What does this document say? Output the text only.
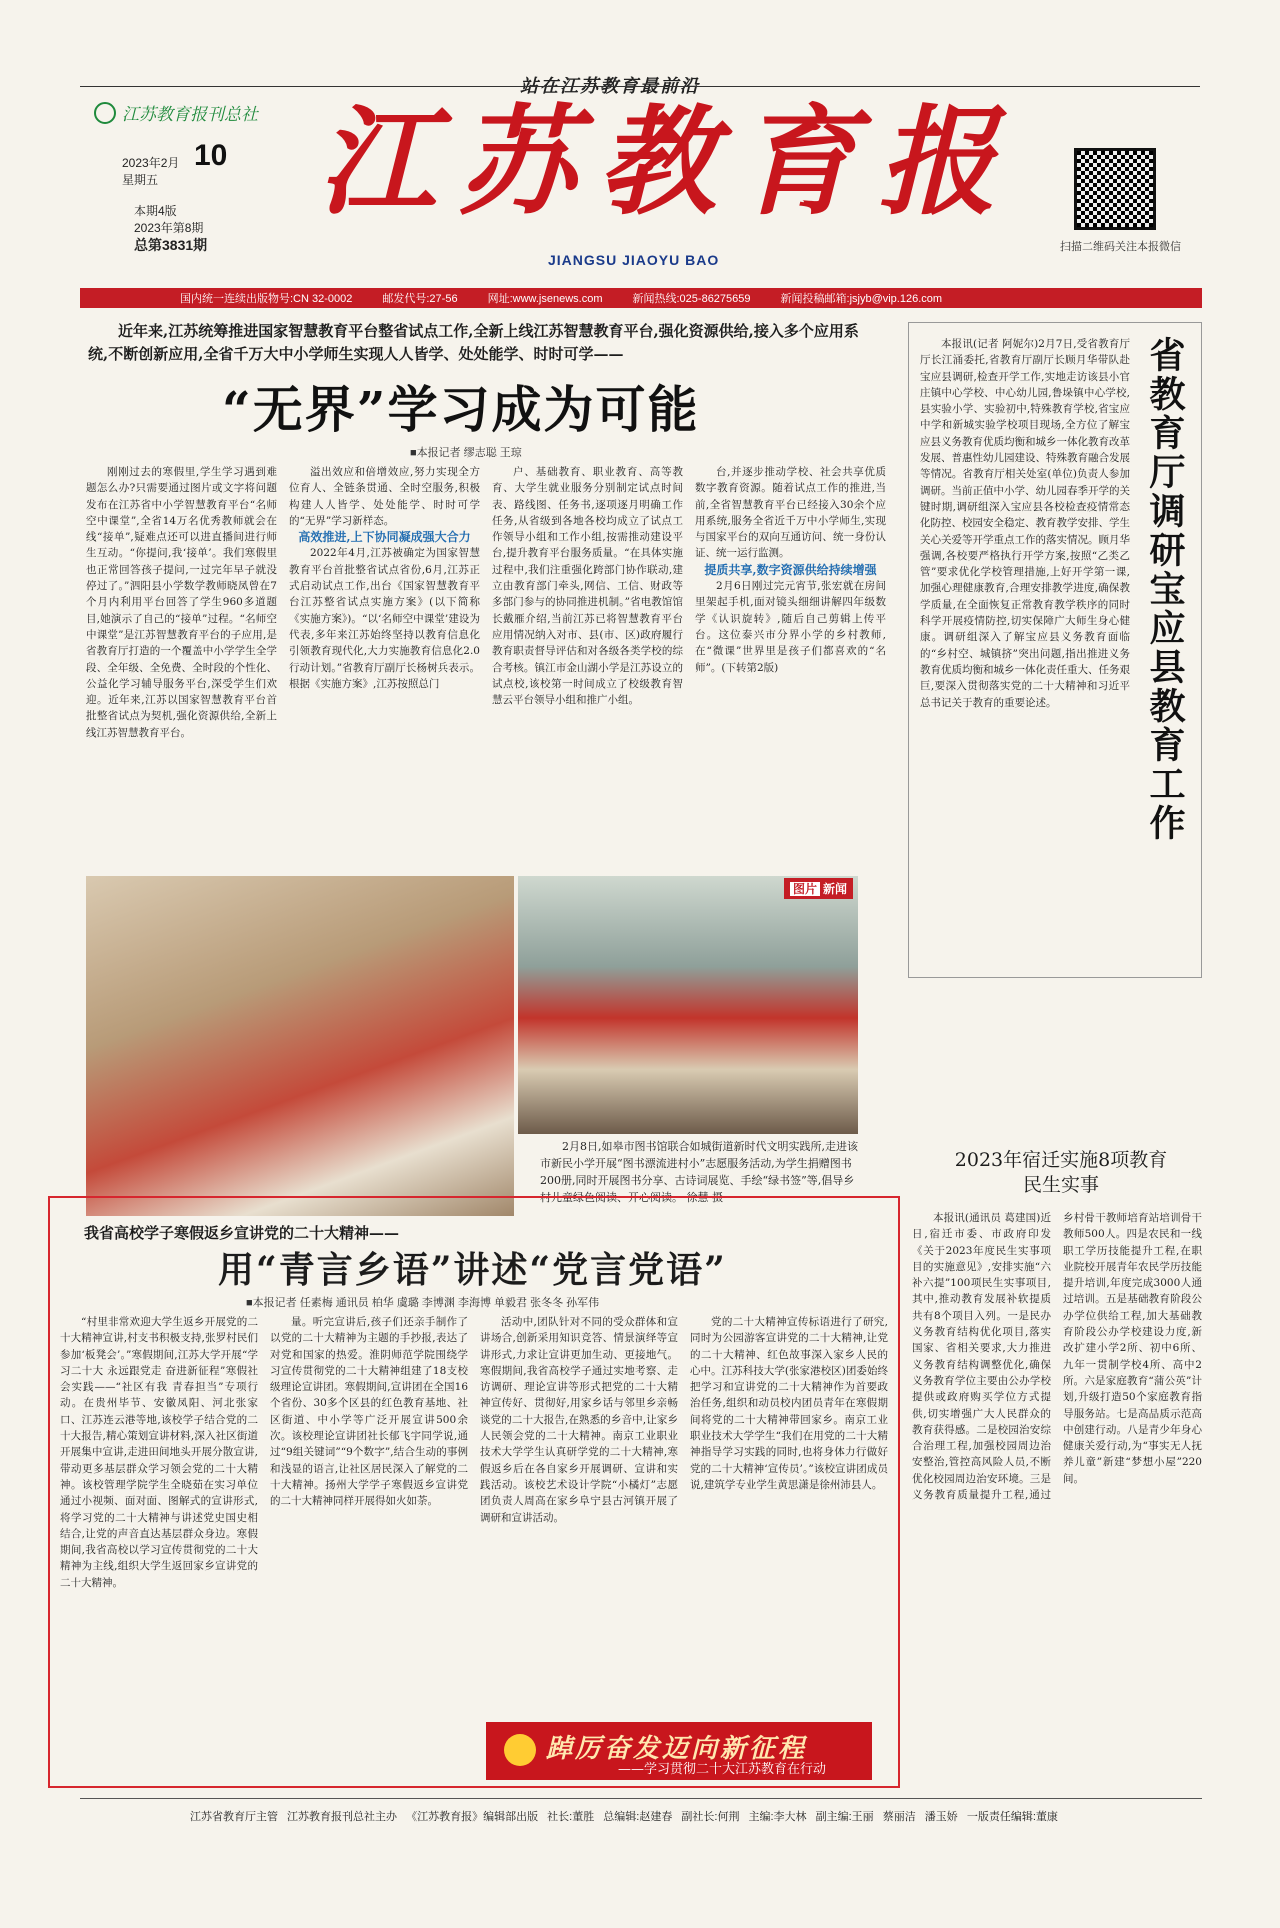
站在江苏教育最前沿
江苏教育报刊总社
2023年2月
星期五
10
本期4版
2023年第8期
总第3831期
江苏教育报
JIANGSU JIAOYU BAO
扫描二维码关注本报微信
国内统一连续出版物号:CN 32-0002	邮发代号:27-56	网址:www.jsenews.com	新闻热线:025-86275659	新闻投稿邮箱:jsjyb@vip.126.com
近年来,江苏统筹推进国家智慧教育平台整省试点工作,全新上线江苏智慧教育平台,强化资源供给,接入多个应用系统,不断创新应用,全省千万大中小学师生实现人人皆学、处处能学、时时可学——
“无界”学习成为可能
■本报记者 缪志聪 王琼

刚刚过去的寒假里,学生学习遇到难题怎么办?只需要通过图片或文字将问题发布在江苏省中小学智慧教育平台“名师空中课堂”,全省14万名优秀教师就会在线“接单”,疑难点还可以进直播间进行师生互动。“你提问,我‘接单’。我们寒假里也正常回答孩子提问,一过完年早子就没停过了。”泗阳县小学数学教师晓凤曾在7个月内利用平台回答了学生960多道题目,她演示了自己的“接单”过程。“名师空中课堂”是江苏智慧教育平台的子应用,是省教育厅打造的一个覆盖中小学学生全学段、全年级、全免费、全时段的个性化、公益化学习辅导服务平台,深受学生们欢迎。近年来,江苏以国家智慧教育平台首批整省试点为契机,强化资源供给,全新上线江苏智慧教育平台。

溢出效应和倍增效应,努力实现全方位育人、全链条贯通、全时空服务,积极构建人人皆学、处处能学、时时可学的“无界”学习新样态。

高效推进,上下协同凝成强大合力

2022年4月,江苏被确定为国家智慧教育平台首批整省试点省份,6月,江苏正式启动试点工作,出台《国家智慧教育平台江苏整省试点实施方案》(以下简称《实施方案》)。“以‘名师空中课堂’建设为代表,多年来江苏始终坚持以教育信息化引领教育现代化,大力实施教育信息化2.0行动计划。”省教育厅副厅长杨树兵表示。根据《实施方案》,江苏按照总门

户、基础教育、职业教育、高等教育、大学生就业服务分别制定试点时间表、路线图、任务书,逐项逐月明确工作任务,从省级到各地各校均成立了试点工作领导小组和工作小组,按需推动建设平台,提升教育平台服务质量。“在具体实施过程中,我们注重强化跨部门协作联动,建立由教育部门牵头,网信、工信、财政等多部门参与的协同推进机制。”省电教馆馆长戴雁介绍,当前江苏已将智慧教育平台应用情况纳入对市、县(市、区)政府履行教育职责督导评估和对各级各类学校的综合考核。镇江市金山湖小学是江苏设立的试点校,该校第一时间成立了校级教育智慧云平台领导小组和推广小组。

台,并逐步推动学校、社会共享优质数字教育资源。随着试点工作的推进,当前,全省智慧教育平台已经接入30余个应用系统,服务全省近千万中小学师生,实现与国家平台的双向互通访问、统一身份认证、统一运行监测。

提质共享,数字资源供给持续增强

2月6日刚过完元宵节,张宏就在房间里架起手机,面对镜头细细讲解四年级数学《认识旋转》,随后自己剪辑上传平台。这位泰兴市分界小学的乡村教师,在“微课”世界里是孩子们都喜欢的“名师”。(下转第2版)	省教育厅调研宝应县教育工作

本报讯(记者 阿妮尔)2月7日,受省教育厅厅长江涌委托,省教育厅副厅长顾月华带队赴宝应县调研,检查开学工作,实地走访该县小官庄镇中心学校、中心幼儿园,鲁垛镇中心学校,县实验小学、实验初中,特殊教育学校,省宝应中学和新城实验学校项目现场,全方位了解宝应县义务教育优质均衡和城乡一体化教育改革发展、普惠性幼儿园建设、特殊教育融合发展等情况。省教育厅相关处室(单位)负责人参加调研。当前正值中小学、幼儿园春季开学的关键时期,调研组深入宝应县各校检查疫情常态化防控、校园安全稳定、教育教学安排、学生关心关爱等开学重点工作的落实情况。顾月华强调,各校要严格执行开学方案,按照“乙类乙管”要求优化学校管理措施,上好开学第一课,加强心理健康教育,合理安排教学进度,确保教学质量,在全面恢复正常教育教学秩序的同时科学开展疫情防控,切实保障广大师生身心健康。调研组深入了解宝应县义务教育面临的“乡村空、城镇挤”突出问题,指出推进义务教育优质均衡和城乡一体化责任重大、任务艰巨,要深入贯彻落实党的二十大精神和习近平总书记关于教育的重要论述。

图片 新闻
2月8日,如皋市图书馆联合如城街道新时代文明实践所,走进该市新民小学开展“图书漂流进村小”志愿服务活动,为学生捐赠图书200册,同时开展图书分享、古诗词展览、手绘“绿书签”等,倡导乡村儿童绿色阅读、开心阅读。 徐慧 摄
我省高校学子寒假返乡宣讲党的二十大精神——
用“青言乡语”讲述“党言党语”
■本报记者 任素梅 通讯员 柏华 虞璐 李博渊 李海博 单毅君 张冬冬 孙军伟

“村里非常欢迎大学生返乡开展党的二十大精神宣讲,村支书积极支持,张罗村民们参加‘板凳会’。”寒假期间,江苏大学开展“学习二十大 永远跟党走 奋进新征程”寒假社会实践——“社区有我 青春担当”专项行动。在贵州毕节、安徽凤阳、河北张家口、江苏连云港等地,该校学子结合党的二十大报告,精心策划宣讲材料,深入社区街道开展集中宣讲,走进田间地头开展分散宣讲,带动更多基层群众学习领会党的二十大精神。该校管理学院学生全晓茹在实习单位通过小视频、面对面、图解式的宣讲形式,将学习党的二十大精神与讲述党史国史相结合,让党的声音直达基层群众身边。寒假期间,我省高校以学习宣传贯彻党的二十大精神为主线,组织大学生返回家乡宣讲党的二十大精神。

量。听完宣讲后,孩子们还亲手制作了以党的二十大精神为主题的手抄报,表达了对党和国家的热爱。淮阴师范学院围绕学习宣传贯彻党的二十大精神组建了18支校级理论宣讲团。寒假期间,宣讲团在全国16个省份、30多个区县的红色教育基地、社区街道、中小学等广泛开展宣讲500余次。该校理论宣讲团社长郁飞宇同学说,通过“9组关键词”“9个数字”,结合生动的事例和浅显的语言,让社区居民深入了解党的二十大精神。扬州大学学子寒假返乡宣讲党的二十大精神同样开展得如火如荼。

活动中,团队针对不同的受众群体和宣讲场合,创新采用知识竞答、情景演绎等宣讲形式,力求让宣讲更加生动、更接地气。寒假期间,我省高校学子通过实地考察、走访调研、理论宣讲等形式把党的二十大精神宣传好、贯彻好,用家乡话与邻里乡亲畅谈党的二十大报告,在熟悉的乡音中,让家乡人民领会党的二十大精神。南京工业职业技术大学学生认真研学党的二十大精神,寒假返乡后在各自家乡开展调研、宣讲和实践活动。该校艺术设计学院“小橘灯”志愿团负责人周高在家乡阜宁县古河镇开展了调研和宣讲活动。

党的二十大精神宣传标语进行了研究,同时为公园游客宣讲党的二十大精神,让党的二十大精神、红色故事深入家乡人民的心中。江苏科技大学(张家港校区)团委始终把学习和宣讲党的二十大精神作为首要政治任务,组织和动员校内团员青年在寒假期间将党的二十大精神带回家乡。南京工业职业技术大学学生“我们在用党的二十大精神指导学习实践的同时,也将身体力行做好党的二十大精神‘宣传员’。”该校宣讲团成员说,建筑学专业学生黄思潇是徐州沛县人。

踔厉奋发迈向新征程
——学习贯彻二十大江苏教育在行动
2023年宿迁实施8项教育民生实事

本报讯(通讯员 葛建国)近日,宿迁市委、市政府印发《关于2023年度民生实事项目的实施意见》,安排实施“六补六提”100项民生实事项目,其中,推动教育发展补软提质共有8个项目入列。一是民办义务教育结构优化项目,落实国家、省相关要求,大力推进义务教育结构调整优化,确保义务教育学位主要由公办学校提供或政府购买学位方式提供,切实增强广大人民群众的教育获得感。二是校园治安综合治理工程,加强校园周边治安整治,管控高风险人员,不断优化校园周边治安环境。三是义务教育质量提升工程,通过乡村骨干教师培育站培训骨干教师500人。四是农民和一线职工学历技能提升工程,在职业院校开展青年农民学历技能提升培训,年度完成3000人通过培训。五是基础教育阶段公办学位供给工程,加大基础教育阶段公办学校建设力度,新改扩建小学2所、初中6所、九年一贯制学校4所、高中2所。六是家庭教育“蒲公英”计划,升级打造50个家庭教育指导服务站。七是高品质示范高中创建行动。八是青少年身心健康关爱行动,为“事实无人抚养儿童”新建“梦想小屋”220间。

江苏省教育厅主管 江苏教育报刊总社主办 《江苏教育报》编辑部出版 社长:董胜 总编辑:赵建春 副社长:何荆 主编:李大林 副主编:王丽 蔡丽洁 潘玉娇 一版责任编辑:董康
